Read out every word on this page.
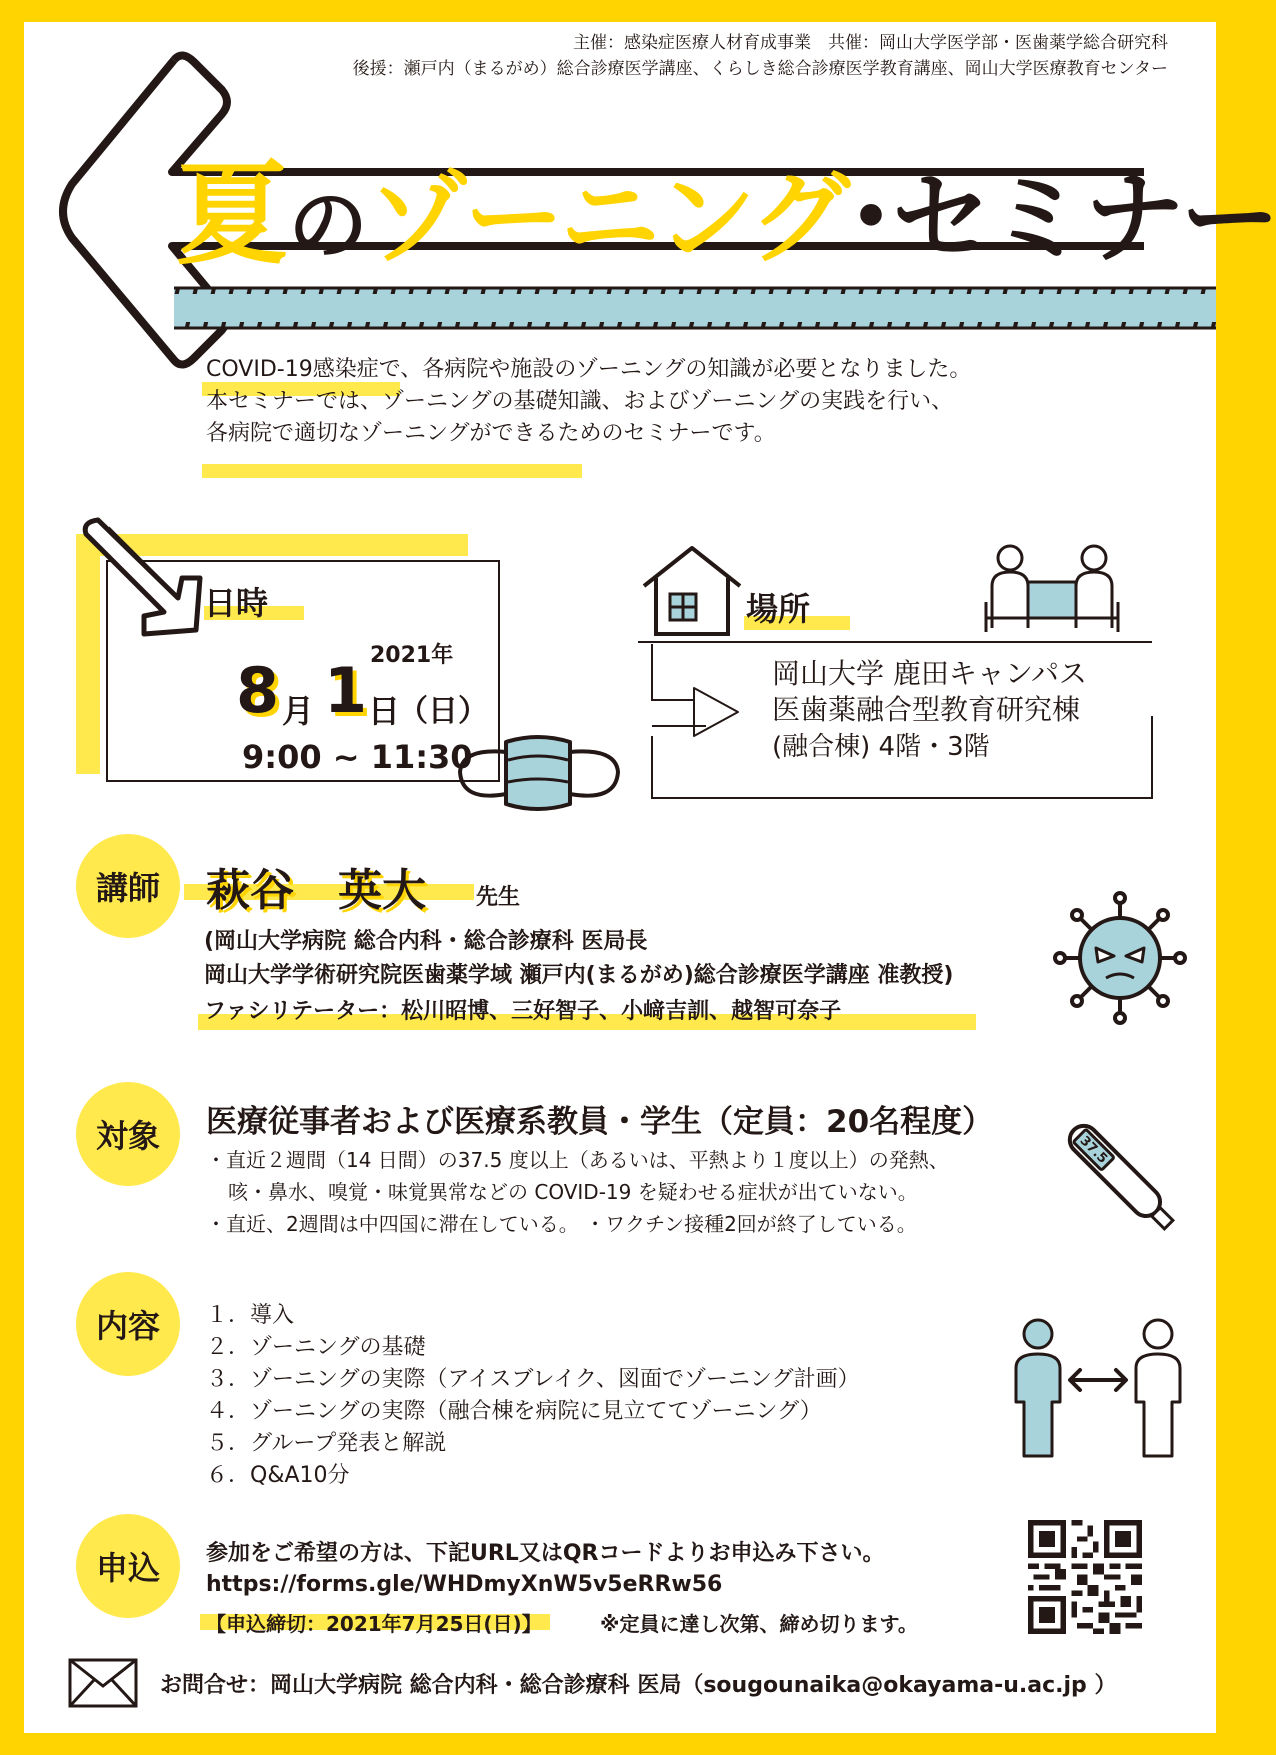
主催：感染症医療人材育成事業　共催：岡山大学医学部・医歯薬学総合研究科
後援：瀬戸内（まるがめ）総合診療医学講座、くらしき総合診療医学教育講座、岡山大学医療教育センター
夏のゾーニング･セミナー
COVID-19感染症で、各病院や施設のゾーニングの知識が必要となりました。
本セミナーでは、ゾーニングの基礎知識、およびゾーニングの実践を行い、
各病院で適切なゾーニングができるためのセミナーです。
日時
2021年
8 月 1 日
（日）
9:00 ~ 11:30
場所
岡山大学 鹿田キャンパス
医歯薬融合型教育研究棟
(融合棟) 4階・3階
講師	萩谷　英大 先生
(岡山大学病院 総合内科・総合診療科 医局長
岡山大学学術研究院医歯薬学域 瀬戸内(まるがめ)総合診療医学講座 准教授)
ファシリテーター：松川昭博、三好智子、小﨑吉訓、越智可奈子
対象	医療従事者および医療系教員・学生（定員：20名程度）
・直近２週間（14 日間）の37.5 度以上（あるいは、平熱より１度以上）の発熱、
咳・鼻水、嗅覚・味覚異常などの COVID-19 を疑わせる症状が出ていない。
・直近、2週間は中四国に滞在している。 ・ワクチン接種2回が終了している。
37.5
内容	１．導入
２．ゾーニングの基礎
３．ゾーニングの実際（アイスブレイク、図面でゾーニング計画）
４．ゾーニングの実際（融合棟を病院に見立ててゾーニング）
５．グループ発表と解説
６．Q&A10分
申込	参加をご希望の方は、下記URL又はQRコードよりお申込み下さい。
https://forms.gle/WHDmyXnW5v5eRRw56
【申込締切：2021年7月25日(日)】	※定員に達し次第、締め切ります。
お問合せ：岡山大学病院 総合内科・総合診療科 医局（sougounaika@okayama-u.ac.jp ）
